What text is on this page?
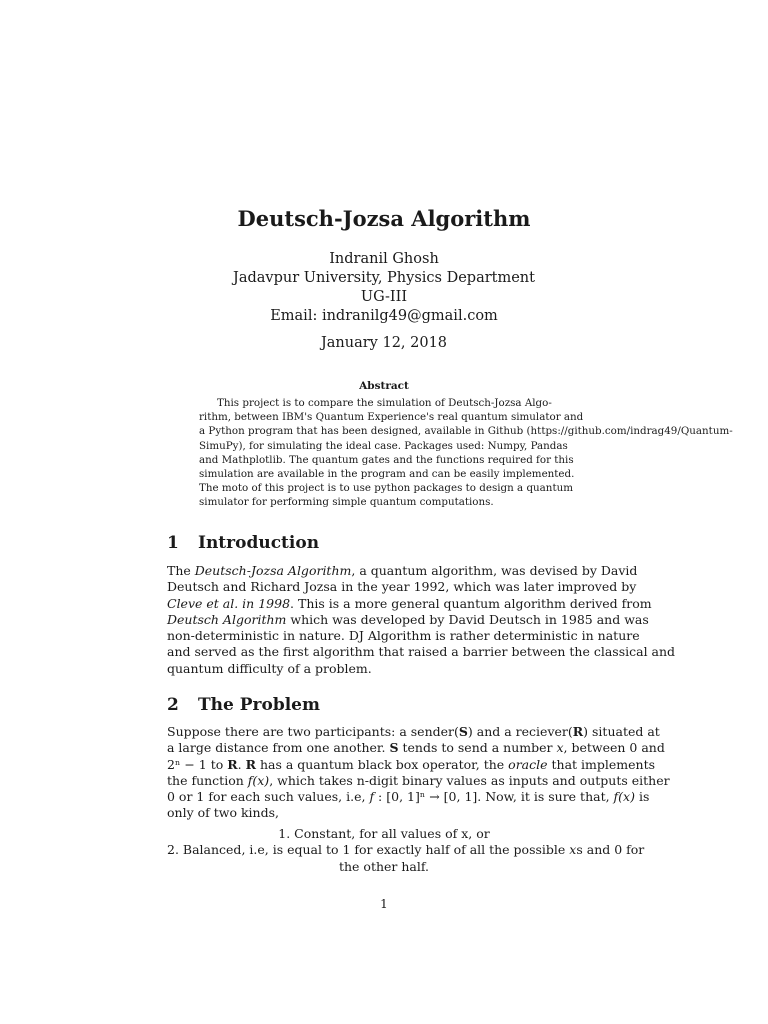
Deutsch-Jozsa Algorithm
Indranil Ghosh
Jadavpur University, Physics Department
UG-III
Email: indranilg49@gmail.com
January 12, 2018
Abstract
This project is to compare the simulation of Deutsch-Jozsa Algo-
rithm, between IBM's Quantum Experience's real quantum simulator and
a Python program that has been designed, available in Github (https://github.com/indrag49/Quantum-
SimuPy), for simulating the ideal case. Packages used: Numpy, Pandas
and Mathplotlib. The quantum gates and the functions required for this
simulation are available in the program and can be easily implemented.
The moto of this project is to use python packages to design a quantum
simulator for performing simple quantum computations.
1 Introduction
The Deutsch-Jozsa Algorithm, a quantum algorithm, was devised by David
Deutsch and Richard Jozsa in the year 1992, which was later improved by
Cleve et al. in 1998. This is a more general quantum algorithm derived from
Deutsch Algorithm which was developed by David Deutsch in 1985 and was
non-deterministic in nature. DJ Algorithm is rather deterministic in nature
and served as the first algorithm that raised a barrier between the classical and
quantum difficulty of a problem.
2 The Problem
Suppose there are two participants: a sender(S) and a reciever(R) situated at
a large distance from one another. S tends to send a number x, between 0 and
2ⁿ − 1 to R. R has a quantum black box operator, the oracle that implements
the function f(x), which takes n-digit binary values as inputs and outputs either
0 or 1 for each such values, i.e, f : [0, 1]ⁿ → [0, 1]. Now, it is sure that, f(x) is
only of two kinds,
1. Constant, for all values of x, or
2. Balanced, i.e, is equal to 1 for exactly half of all the possible xs and 0 for
the other half.
1
